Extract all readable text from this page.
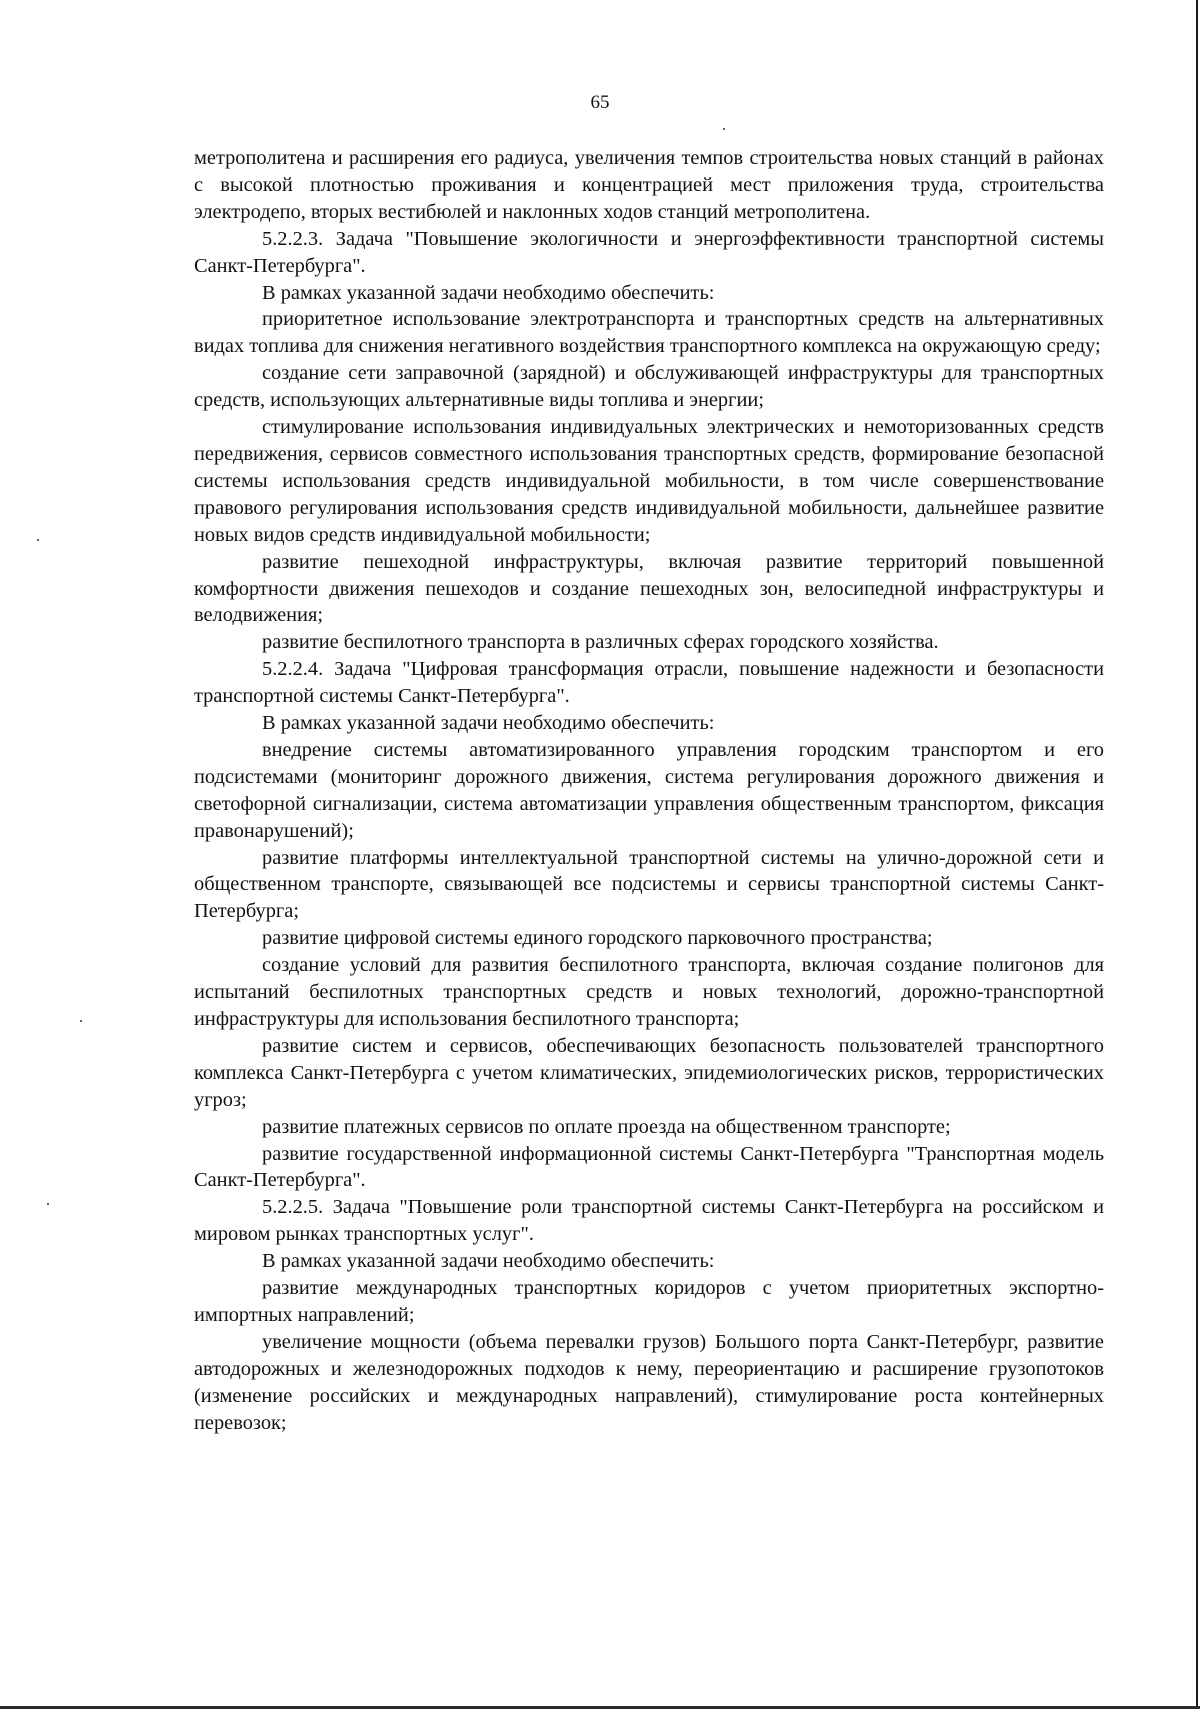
65

метрополитена и расширения его радиуса, увеличения темпов строительства новых станций в районах с высокой плотностью проживания и концентрацией мест приложения труда, строительства электродепо, вторых вестибюлей и наклонных ходов станций метрополитена.

5.2.2.3. Задача "Повышение экологичности и энергоэффективности транспортной системы Санкт-Петербурга".

В рамках указанной задачи необходимо обеспечить:

приоритетное использование электротранспорта и транспортных средств на альтернативных видах топлива для снижения негативного воздействия транспортного комплекса на окружающую среду;

создание сети заправочной (зарядной) и обслуживающей инфраструктуры для транспортных средств, использующих альтернативные виды топлива и энергии;

стимулирование использования индивидуальных электрических и немоторизованных средств передвижения, сервисов совместного использования транспортных средств, формирование безопасной системы использования средств индивидуальной мобильности, в том числе совершенствование правового регулирования использования средств индивидуальной мобильности, дальнейшее развитие новых видов средств индивидуальной мобильности;

развитие пешеходной инфраструктуры, включая развитие территорий повышенной комфортности движения пешеходов и создание пешеходных зон, велосипедной инфраструктуры и велодвижения;

развитие беспилотного транспорта в различных сферах городского хозяйства.

5.2.2.4. Задача "Цифровая трансформация отрасли, повышение надежности и безопасности транспортной системы Санкт-Петербурга".

В рамках указанной задачи необходимо обеспечить:

внедрение системы автоматизированного управления городским транспортом и его подсистемами (мониторинг дорожного движения, система регулирования дорожного движения и светофорной сигнализации, система автоматизации управления общественным транспортом, фиксация правонарушений);

развитие платформы интеллектуальной транспортной системы на улично-дорожной сети и общественном транспорте, связывающей все подсистемы и сервисы транспортной системы Санкт-Петербурга;

развитие цифровой системы единого городского парковочного пространства;

создание условий для развития беспилотного транспорта, включая создание полигонов для испытаний беспилотных транспортных средств и новых технологий, дорожно-транспортной инфраструктуры для использования беспилотного транспорта;

развитие систем и сервисов, обеспечивающих безопасность пользователей транспортного комплекса Санкт-Петербурга с учетом климатических, эпидемиологических рисков, террористических угроз;

развитие платежных сервисов по оплате проезда на общественном транспорте;

развитие государственной информационной системы Санкт-Петербурга "Транспортная модель Санкт-Петербурга".

5.2.2.5. Задача "Повышение роли транспортной системы Санкт-Петербурга на российском и мировом рынках транспортных услуг".

В рамках указанной задачи необходимо обеспечить:

развитие международных транспортных коридоров с учетом приоритетных экспортно-импортных направлений;

увеличение мощности (объема перевалки грузов) Большого порта Санкт-Петербург, развитие автодорожных и железнодорожных подходов к нему, переориентацию и расширение грузопотоков (изменение российских и международных направлений), стимулирование роста контейнерных перевозок;
